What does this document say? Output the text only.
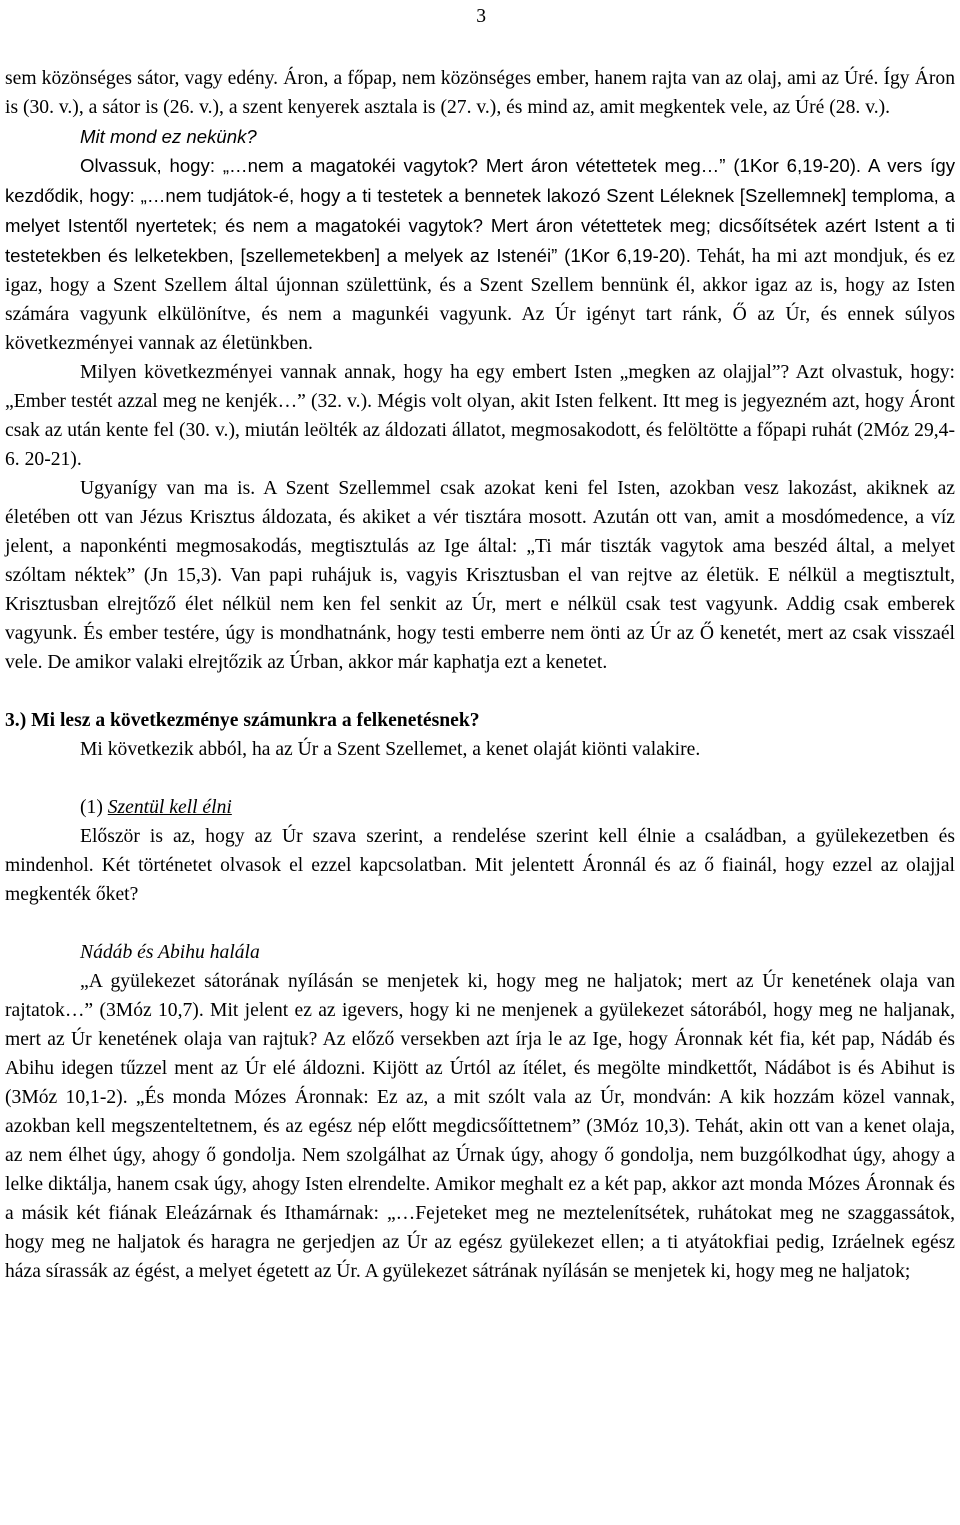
3

sem közönséges sátor, vagy edény. Áron, a főpap, nem közönséges ember, hanem rajta van az olaj, ami az Úré. Így Áron is (30. v.), a sátor is (26. v.), a szent kenyerek asztala is (27. v.), és mind az, amit megkentek vele, az Úré (28. v.).

Mit mond ez nekünk?

Olvassuk, hogy: „…nem a magatokéi vagytok? Mert áron vétettetek meg…” (1Kor 6,19-20). A vers így kezdődik, hogy: „…nem tudjátok-é, hogy a ti testetek a bennetek lakozó Szent Léleknek [Szellemnek] temploma, a melyet Istentől nyertetek; és nem a magatokéi vagytok? Mert áron vétettetek meg; dicsőítsétek azért Istent a ti testetekben és lelketekben, [szellemetekben] a melyek az Istenéi” (1Kor 6,19-20). Tehát, ha mi azt mondjuk, és ez igaz, hogy a Szent Szellem által újonnan születtünk, és a Szent Szellem bennünk él, akkor igaz az is, hogy az Isten számára vagyunk elkülönítve, és nem a magunkéi vagyunk. Az Úr igényt tart ránk, Ő az Úr, és ennek súlyos következményei vannak az életünkben.

Milyen következményei vannak annak, hogy ha egy embert Isten „megken az olajjal”? Azt olvastuk, hogy: „Ember testét azzal meg ne kenjék…” (32. v.). Mégis volt olyan, akit Isten felkent. Itt meg is jegyezném azt, hogy Áront csak az után kente fel (30. v.), miután leölték az áldozati állatot, megmosakodott, és felöltötte a főpapi ruhát (2Móz 29,4-6. 20-21).

Ugyanígy van ma is. A Szent Szellemmel csak azokat keni fel Isten, azokban vesz lakozást, akiknek az életében ott van Jézus Krisztus áldozata, és akiket a vér tisztára mosott. Azután ott van, amit a mosdómedence, a víz jelent, a naponkénti megmosakodás, megtisztulás az Ige által: „Ti már tiszták vagytok ama beszéd által, a melyet szóltam néktek” (Jn 15,3). Van papi ruhájuk is, vagyis Krisztusban el van rejtve az életük. E nélkül a megtisztult, Krisztusban elrejtőző élet nélkül nem ken fel senkit az Úr, mert e nélkül csak test vagyunk. Addig csak emberek vagyunk. És ember testére, úgy is mondhatnánk, hogy testi emberre nem önti az Úr az Ő kenetét, mert az csak visszaél vele. De amikor valaki elrejtőzik az Úrban, akkor már kaphatja ezt a kenetet.

3.) Mi lesz a következménye számunkra a felkenetésnek?

Mi következik abból, ha az Úr a Szent Szellemet, a kenet olaját kiönti valakire.

(1) Szentül kell élni

Először is az, hogy az Úr szava szerint, a rendelése szerint kell élnie a családban, a gyülekezetben és mindenhol. Két történetet olvasok el ezzel kapcsolatban. Mit jelentett Áronnál és az ő fiainál, hogy ezzel az olajjal megkenték őket?

Nádáb és Abihu halála

„A gyülekezet sátorának nyílásán se menjetek ki, hogy meg ne haljatok; mert az Úr kenetének olaja van rajtatok…” (3Móz 10,7). Mit jelent ez az igevers, hogy ki ne menjenek a gyülekezet sátorából, hogy meg ne haljanak, mert az Úr kenetének olaja van rajtuk? Az előző versekben azt írja le az Ige, hogy Áronnak két fia, két pap, Nádáb és Abihu idegen tűzzel ment az Úr elé áldozni. Kijött az Úrtól az ítélet, és megölte mindkettőt, Nádábot is és Abihut is (3Móz 10,1-2). „És monda Mózes Áronnak: Ez az, a mit szólt vala az Úr, mondván: A kik hozzám közel vannak, azokban kell megszenteltetnem, és az egész nép előtt megdicsőíttetnem” (3Móz 10,3). Tehát, akin ott van a kenet olaja, az nem élhet úgy, ahogy ő gondolja. Nem szolgálhat az Úrnak úgy, ahogy ő gondolja, nem buzgólkodhat úgy, ahogy a lelke diktálja, hanem csak úgy, ahogy Isten elrendelte. Amikor meghalt ez a két pap, akkor azt monda Mózes Áronnak és a másik két fiának Eleázárnak és Ithamárnak: „…Fejeteket meg ne meztelenítsétek, ruhátokat meg ne szaggassátok, hogy meg ne haljatok és haragra ne gerjedjen az Úr az egész gyülekezet ellen; a ti atyátokfiai pedig, Izráelnek egész háza sírassák az égést, a melyet égetett az Úr. A gyülekezet sátrának nyílásán se menjetek ki, hogy meg ne haljatok;
